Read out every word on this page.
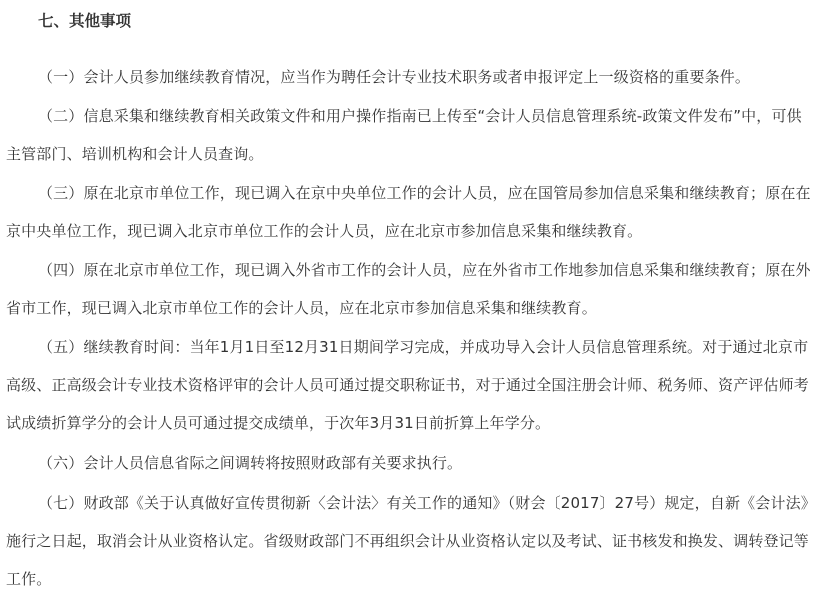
七、其他事项

（一）会计人员参加继续教育情况，应当作为聘任会计专业技术职务或者申报评定上一级资格的重要条件。

（二）信息采集和继续教育相关政策文件和用户操作指南已上传至“会计人员信息管理系统-政策文件发布”中，可供主管部门、培训机构和会计人员查询。

（三）原在北京市单位工作，现已调入在京中央单位工作的会计人员，应在国管局参加信息采集和继续教育；原在在京中央单位工作，现已调入北京市单位工作的会计人员，应在北京市参加信息采集和继续教育。

（四）原在北京市单位工作，现已调入外省市工作的会计人员，应在外省市工作地参加信息采集和继续教育；原在外省市工作，现已调入北京市单位工作的会计人员，应在北京市参加信息采集和继续教育。

（五）继续教育时间：当年1月1日至12月31日期间学习完成，并成功导入会计人员信息管理系统。对于通过北京市高级、正高级会计专业技术资格评审的会计人员可通过提交职称证书，对于通过全国注册会计师、税务师、资产评估师考试成绩折算学分的会计人员可通过提交成绩单，于次年3月31日前折算上年学分。

（六）会计人员信息省际之间调转将按照财政部有关要求执行。

（七）财政部《关于认真做好宣传贯彻新〈会计法〉有关工作的通知》（财会〔2017〕27号）规定，自新《会计法》施行之日起，取消会计从业资格认定。省级财政部门不再组织会计从业资格认定以及考试、证书核发和换发、调转登记等工作。
